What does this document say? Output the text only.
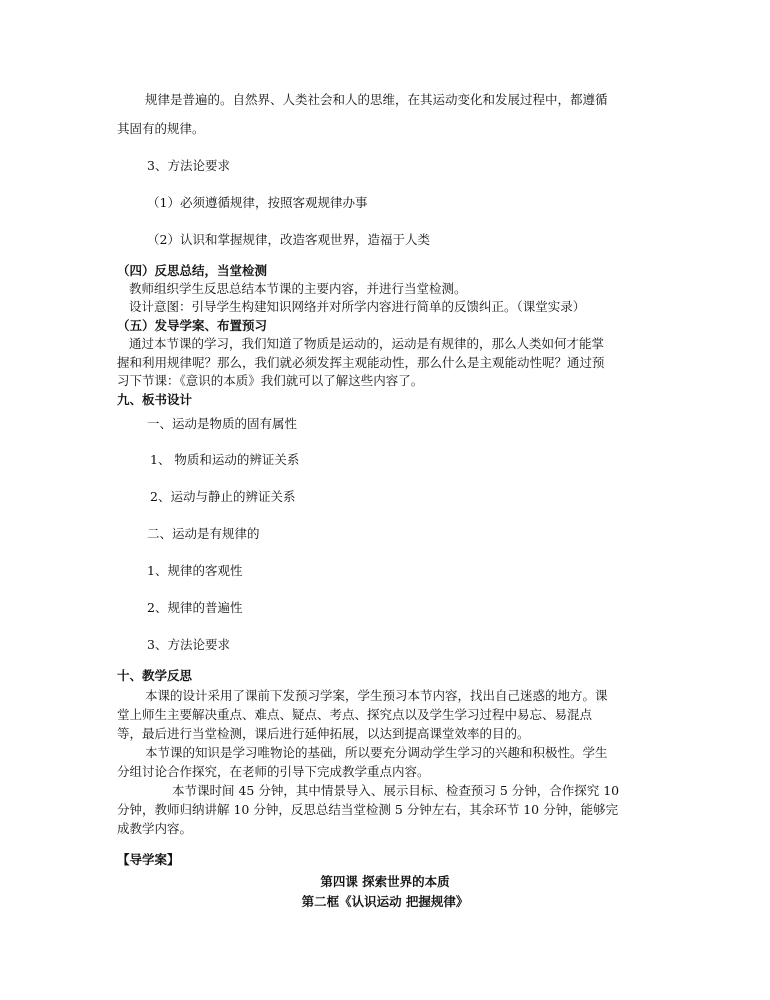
规律是普遍的。自然界、人类社会和人的思维，在其运动变化和发展过程中，都遵循
其固有的规律。
3、方法论要求
（1）必须遵循规律，按照客观规律办事
（2）认识和掌握规律，改造客观世界，造福于人类
（四）反思总结，当堂检测
教师组织学生反思总结本节课的主要内容，并进行当堂检测。
设计意图：引导学生构建知识网络并对所学内容进行简单的反馈纠正。（课堂实录）
（五）发导学案、布置预习
通过本节课的学习，我们知道了物质是运动的，运动是有规律的，那么人类如何才能掌
握和利用规律呢？那么，我们就必须发挥主观能动性，那么什么是主观能动性呢？通过预
习下节课：《意识的本质》我们就可以了解这些内容了。
九、板书设计
一、运动是物质的固有属性
1、 物质和运动的辨证关系
2、运动与静止的辨证关系
二、运动是有规律的
1、规律的客观性
2、规律的普遍性
3、方法论要求
十、教学反思
本课的设计采用了课前下发预习学案，学生预习本节内容，找出自己迷惑的地方。课
堂上师生主要解决重点、难点、疑点、考点、探究点以及学生学习过程中易忘、易混点
等，最后进行当堂检测，课后进行延伸拓展，以达到提高课堂效率的目的。
本节课的知识是学习唯物论的基础，所以要充分调动学生学习的兴趣和积极性。学生
分组讨论合作探究，在老师的引导下完成教学重点内容。
本节课时间 45 分钟，其中情景导入、展示目标、检查预习 5 分钟，合作探究 10
分钟，教师归纳讲解 10 分钟，反思总结当堂检测 5 分钟左右，其余环节 10 分钟，能够完
成教学内容。
【导学案】
第四课 探索世界的本质
第二框《认识运动 把握规律》
